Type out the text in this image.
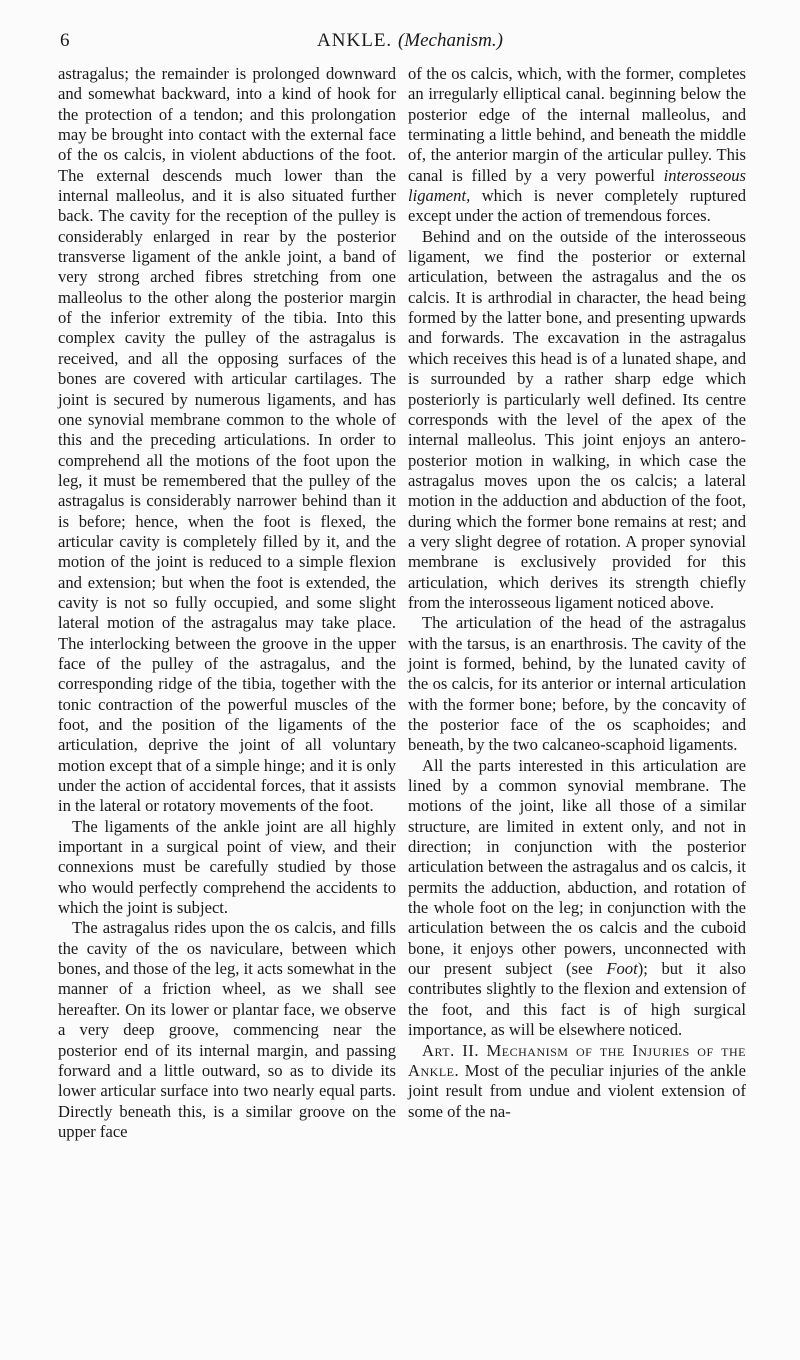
6	ANKLE. (Mechanism.)

astragalus; the remainder is prolonged downward and somewhat backward, into a kind of hook for the protection of a tendon; and this prolongation may be brought into contact with the external face of the os calcis, in violent abductions of the foot. The external descends much lower than the internal malleolus, and it is also situated further back. The cavity for the reception of the pulley is considerably enlarged in rear by the posterior transverse ligament of the ankle joint, a band of very strong arched fibres stretching from one malleolus to the other along the posterior margin of the inferior extremity of the tibia. Into this complex cavity the pulley of the astragalus is received, and all the opposing surfaces of the bones are covered with articular cartilages. The joint is secured by numerous ligaments, and has one synovial membrane common to the whole of this and the preceding articulations. In order to comprehend all the motions of the foot upon the leg, it must be remembered that the pulley of the astragalus is considerably narrower behind than it is before; hence, when the foot is flexed, the articular cavity is completely filled by it, and the motion of the joint is reduced to a simple flexion and extension; but when the foot is extended, the cavity is not so fully occupied, and some slight lateral motion of the astragalus may take place. The interlocking between the groove in the upper face of the pulley of the astragalus, and the corresponding ridge of the tibia, together with the tonic contraction of the powerful muscles of the foot, and the position of the ligaments of the articulation, deprive the joint of all voluntary motion except that of a simple hinge; and it is only under the action of accidental forces, that it assists in the lateral or rotatory movements of the foot.

The ligaments of the ankle joint are all highly important in a surgical point of view, and their connexions must be carefully studied by those who would perfectly comprehend the accidents to which the joint is subject.

The astragalus rides upon the os calcis, and fills the cavity of the os naviculare, between which bones, and those of the leg, it acts somewhat in the manner of a friction wheel, as we shall see hereafter. On its lower or plantar face, we observe a very deep groove, commencing near the posterior end of its internal margin, and passing forward and a little outward, so as to divide its lower articular surface into two nearly equal parts. Directly beneath this, is a similar groove on the upper face

of the os calcis, which, with the former, completes an irregularly elliptical canal. beginning below the posterior edge of the internal malleolus, and terminating a little behind, and beneath the middle of, the anterior margin of the articular pulley. This canal is filled by a very powerful interosseous ligament, which is never completely ruptured except under the action of tremendous forces.

Behind and on the outside of the interosseous ligament, we find the posterior or external articulation, between the astragalus and the os calcis. It is arthrodial in character, the head being formed by the latter bone, and presenting upwards and forwards. The excavation in the astragalus which receives this head is of a lunated shape, and is surrounded by a rather sharp edge which posteriorly is particularly well defined. Its centre corresponds with the level of the apex of the internal malleolus. This joint enjoys an antero-posterior motion in walking, in which case the astragalus moves upon the os calcis; a lateral motion in the adduction and abduction of the foot, during which the former bone remains at rest; and a very slight degree of rotation. A proper synovial membrane is exclusively provided for this articulation, which derives its strength chiefly from the interosseous ligament noticed above.

The articulation of the head of the astragalus with the tarsus, is an enarthrosis. The cavity of the joint is formed, behind, by the lunated cavity of the os calcis, for its anterior or internal articulation with the former bone; before, by the concavity of the posterior face of the os scaphoides; and beneath, by the two calcaneo-scaphoid ligaments.

All the parts interested in this articulation are lined by a common synovial membrane. The motions of the joint, like all those of a similar structure, are limited in extent only, and not in direction; in conjunction with the posterior articulation between the astragalus and os calcis, it permits the adduction, abduction, and rotation of the whole foot on the leg; in conjunction with the articulation between the os calcis and the cuboid bone, it enjoys other powers, unconnected with our present subject (see Foot); but it also contributes slightly to the flexion and extension of the foot, and this fact is of high surgical importance, as will be elsewhere noticed.

Art. II. Mechanism of the Injuries of the Ankle. Most of the peculiar injuries of the ankle joint result from undue and violent extension of some of the na-
